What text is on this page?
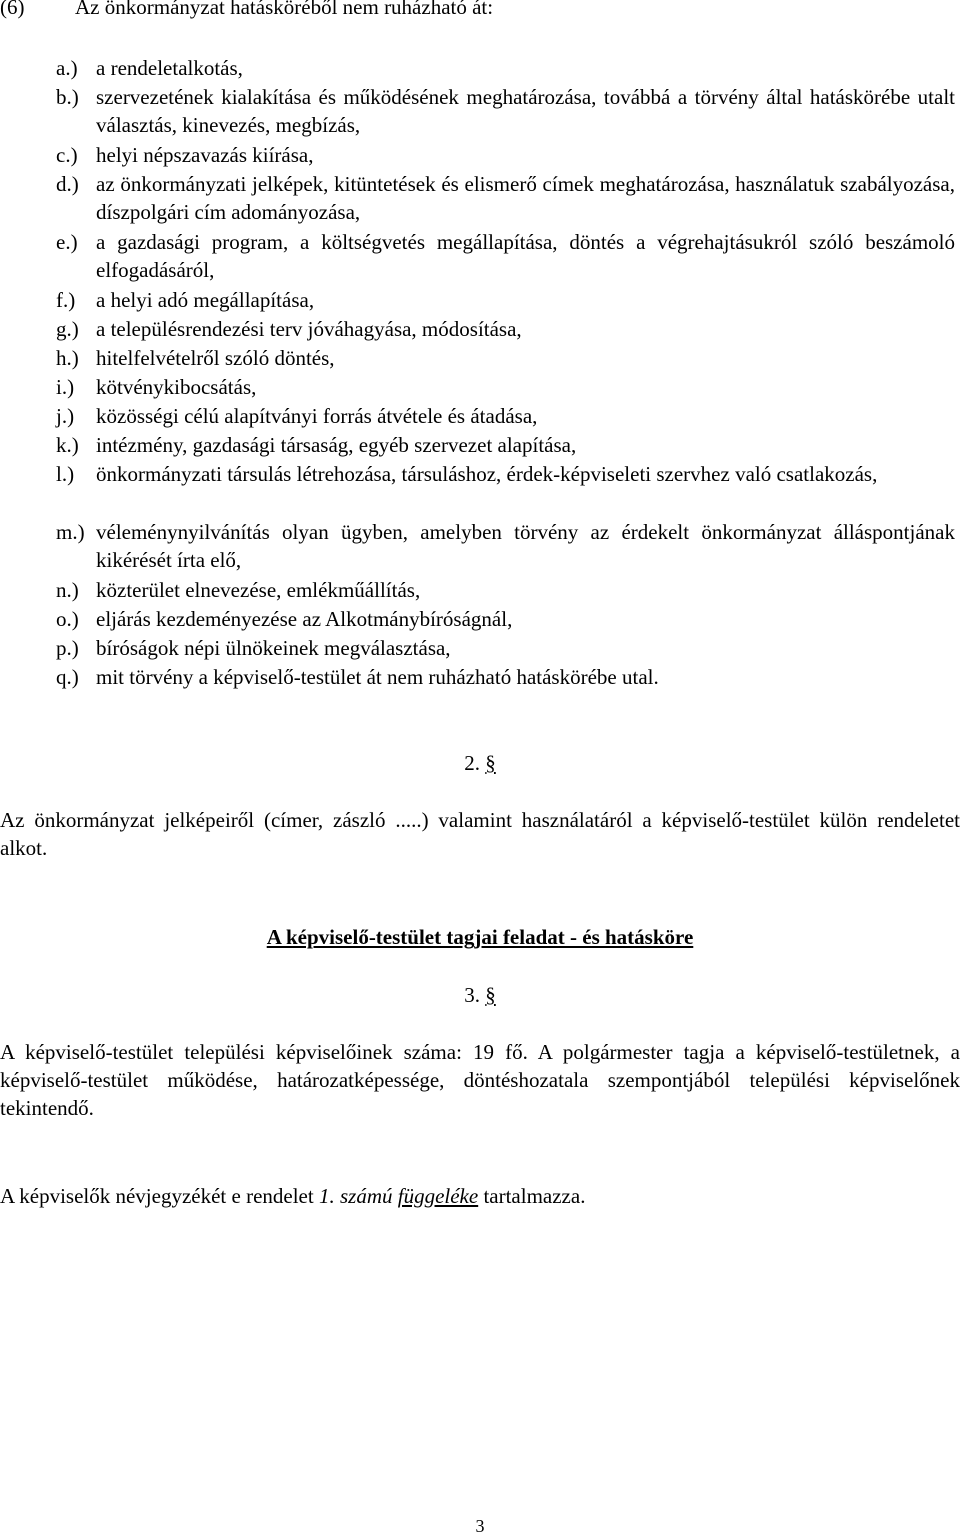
(6) Az önkormányzat hatásköréből nem ruházható át:
a.) a rendeletalkotás,
b.) szervezetének kialakítása és működésének meghatározása, továbbá a törvény által hatáskörébe utalt választás, kinevezés, megbízás,
c.) helyi népszavazás kiírása,
d.) az önkormányzati jelképek, kitüntetések és elismerő címek meghatározása, használatuk szabályozása, díszpolgári cím adományozása,
e.) a gazdasági program, a költségvetés megállapítása, döntés a végrehajtásukról szóló beszámoló elfogadásáról,
f.) a helyi adó megállapítása,
g.) a településrendezési terv jóváhagyása, módosítása,
h.) hitelfelvételről szóló döntés,
i.)	kötvénykibocsátás,
j.)	közösségi célú alapítványi forrás átvétele és átadása,
k.) intézmény, gazdasági társaság, egyéb szervezet alapítása,
l.)	önkormányzati társulás létrehozása, társuláshoz, érdek-képviseleti szervhez való csatlakozás,
m.) véleménynyilvánítás olyan ügyben, amelyben törvény az érdekelt önkormányzat álláspontjának kikérését írta elő,
n.) közterület elnevezése, emlékműállítás,
o.) eljárás kezdeményezése az Alkotmánybíróságnál,
p.) bíróságok népi ülnökeinek megválasztása,
q.) mit törvény a képviselő-testület át nem ruházható hatáskörébe utal.
2. §
Az önkormányzat jelképeiről (címer, zászló .....) valamint használatáról a képviselő-testület külön rendeletet alkot.
A képviselő-testület tagjai feladat - és hatásköre
3. §
A képviselő-testület települési képviselőinek száma: 19 fő. A polgármester tagja a képviselő-testületnek, a képviselő-testület működése, határozatképessége, döntéshozatala szempontjából települési képviselőnek tekintendő.
A képviselők névjegyzékét e rendelet 1. számú függeléke tartalmazza.
3
